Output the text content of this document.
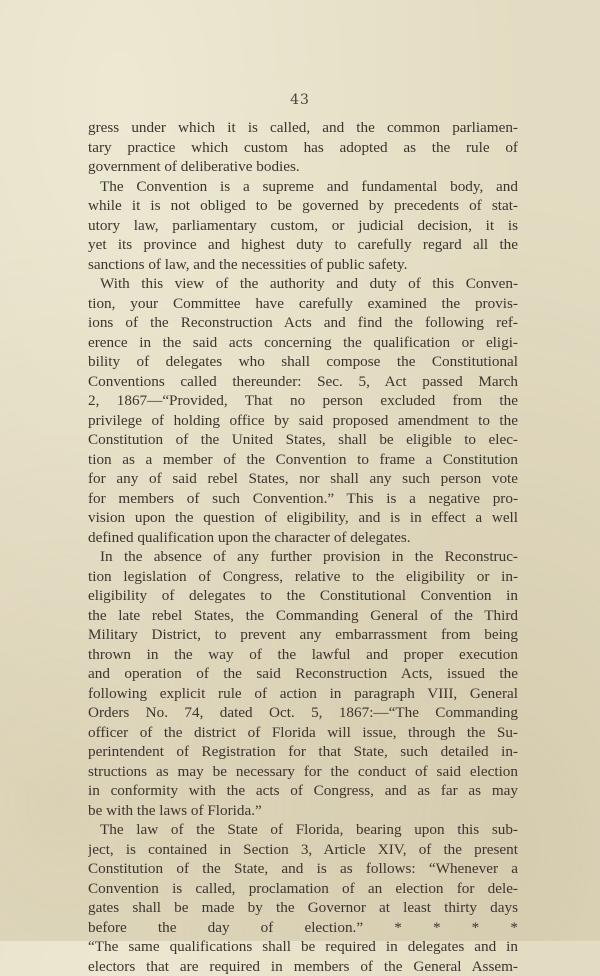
43
gress under which it is called, and the common parliamen-
tary practice which custom has adopted as the rule of
government of deliberative bodies.
The Convention is a supreme and fundamental body, and
while it is not obliged to be governed by precedents of stat-
utory law, parliamentary custom, or judicial decision, it is
yet its province and highest duty to carefully regard all the
sanctions of law, and the necessities of public safety.
With this view of the authority and duty of this Conven-
tion, your Committee have carefully examined the provis-
ions of the Reconstruction Acts and find the following ref-
erence in the said acts concerning the qualification or eligi-
bility of delegates who shall compose the Constitutional
Conventions called thereunder: Sec. 5, Act passed March
2, 1867—“Provided, That no person excluded from the
privilege of holding office by said proposed amendment to the
Constitution of the United States, shall be eligible to elec-
tion as a member of the Convention to frame a Constitution
for any of said rebel States, nor shall any such person vote
for members of such Convention.” This is a negative pro-
vision upon the question of eligibility, and is in effect a well
defined qualification upon the character of delegates.
In the absence of any further provision in the Reconstruc-
tion legislation of Congress, relative to the eligibility or in-
eligibility of delegates to the Constitutional Convention in
the late rebel States, the Commanding General of the Third
Military District, to prevent any embarrassment from being
thrown in the way of the lawful and proper execution
and operation of the said Reconstruction Acts, issued the
following explicit rule of action in paragraph VIII, General
Orders No. 74, dated Oct. 5, 1867:—“The Commanding
officer of the district of Florida will issue, through the Su-
perintendent of Registration for that State, such detailed in-
structions as may be necessary for the conduct of said election
in conformity with the acts of Congress, and as far as may
be with the laws of Florida.”
The law of the State of Florida, bearing upon this sub-
ject, is contained in Section 3, Article XIV, of the present
Constitution of the State, and is as follows: “Whenever a
Convention is called, proclamation of an election for dele-
gates shall be made by the Governor at least thirty days
before the day of election.” * * * *
“The same qualifications shall be required in delegates and in
electors that are required in members of the General Assem-
